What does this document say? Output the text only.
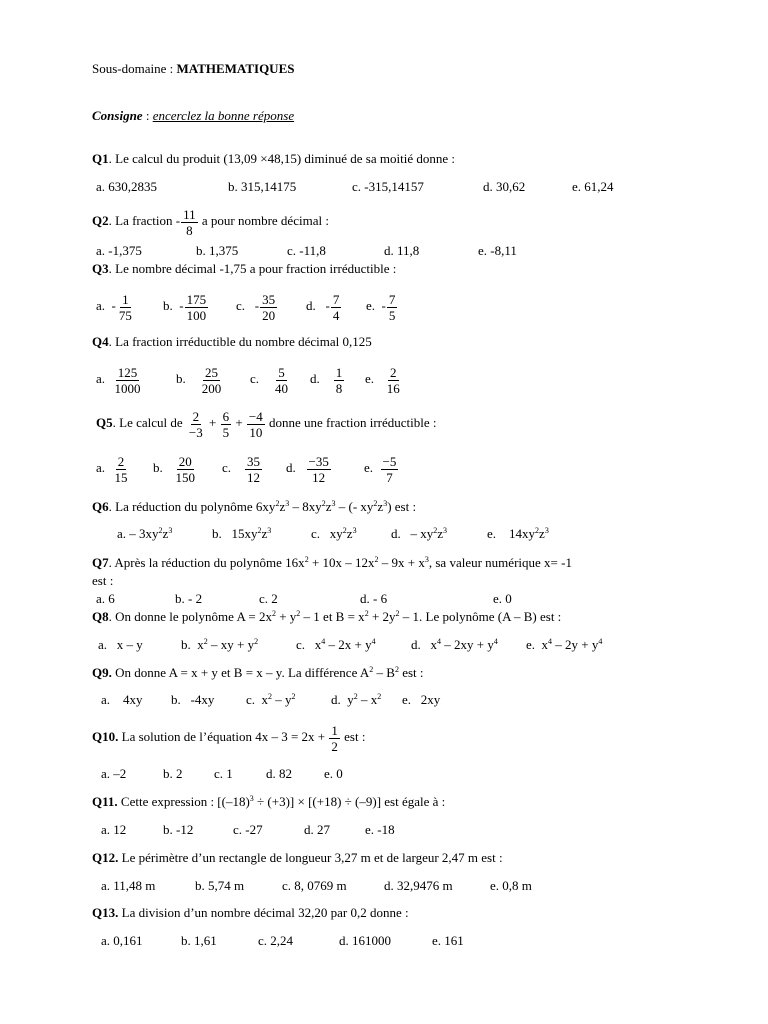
Sous-domaine : MATHEMATIQUES
Consigne : encerclez la bonne réponse
Q1. Le calcul du produit (13,09 ×48,15) diminué de sa moitié donne :
a. 630,2835	b. 315,14175	c. -315,14157	d. 30,62	e. 61,24
Q2. La fraction - $\frac{11}{8}$ a pour nombre décimal :
a. -1,375	b. 1,375	c. -11,8	d. 11,8	e. -8,11
Q3. Le nombre décimal -1,75 a pour fraction irréductible :
a. - $\frac{1}{75} b$. - $\frac{175}{100} c$. - $\frac{35}{20} d$. - $\frac{7}{4} e$. - $\frac{7}{5}$
Q4. La fraction irréductible du nombre décimal 0,125
a. $\frac{125}{1000}$	b. $\frac{25}{200} c$. $\frac{5}{40} d$. $\frac{1}{8} e$. $\frac{2}{16}$
Q5. Le calcul de $\frac{2}{-3} + \frac{6}{5} + \frac{-4}{10}$ donne une fraction irréductible :
a. $\frac{2}{15} b$. $\frac{20}{150} c$. $\frac{35}{12} d$. $\frac{-35}{12}$	e. $\frac{-5}{7}$
Q6. La réduction du polynôme $6xy^2z^3 - 8xy^2z^3$ – (- $xy^2z^3$) est :
a. – $3xy^2z^3$	b. $15xy^2z^3$	c. $xy^2z^3$	d. – $xy^2z^3$	e. $14xy^2z^3$
Q7. Après la réduction du polynôme $16x^2 + 10x - 12x^2 - 9x + x^3$, sa valeur numérique x= -1
est :
a. 6	b. - 2	c. 2	d. - 6	e. 0
Q8. On donne le polynôme $A = 2x^2 + y^2 - 1$ et $B = x^2 + 2y^2 - 1$. Le polynôme (A – B) est :
a. x – y	b. $x^2$ – xy + $y^2$	c. $x^4 - 2x + y^4$	d. $x^4 - 2xy + y^4$ e. $x^4 - 2y + y^4$
Q9. On donne A = x + y et B = x – y. La différence $A^2 - B^2$ est :
a. 4xy b. -4xy c. $x^2 - y^2$	d. $y^2 - x^2$ e. 2xy
Q10. La solution de l’équation $4x - 3 = 2x + \frac{1}{2}$ est :
a. –2	b. 2 c. 1	d. 82 e. 0
Q11. Cette expression : $[(-18)^3 \div (+3)] \times [(+18) \div (-9)]$ est égale à :
a. 12	b. -12	c. -27	d. 27	e. -18
Q12. Le périmètre d’un rectangle de longueur 3,27 m et de largeur 2,47 m est :
a. 11,48 m	b. 5,74 m	c. 8, 0769 m	d. 32,9476 m	e. 0,8 m
Q13. La division d’un nombre décimal 32,20 par 0,2 donne :
a. 0,161	b. 1,61	c. 2,24	d. 161000	e. 161
